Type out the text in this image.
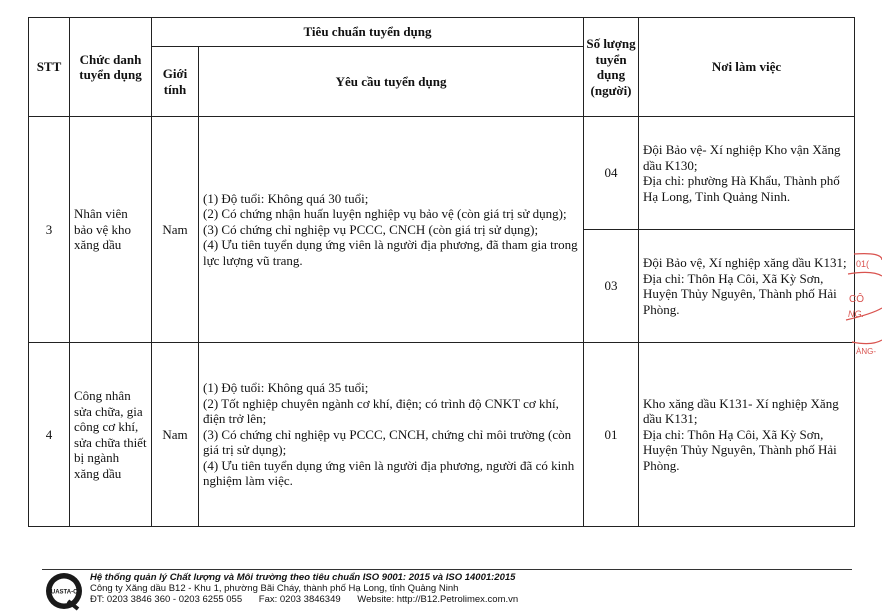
STT	Chức danh tuyển dụng	Tiêu chuẩn tuyển dụng		Số lượng tuyển dụng (người)	Nơi làm việc
		Giới tính	Yêu cầu tuyển dụng		
3	Nhân viên bảo vệ kho xăng dầu	Nam	(1) Độ tuổi: Không quá 30 tuổi;
(2) Có chứng nhận huấn luyện nghiệp vụ bảo vệ (còn giá trị sử dụng);
(3) Có chứng chỉ nghiệp vụ PCCC, CNCH (còn giá trị sử dụng);
(4) Ưu tiên tuyển dụng ứng viên là người địa phương, đã tham gia trong lực lượng vũ trang.	04	Đội Bảo vệ- Xí nghiệp Kho vận Xăng dầu K130;
Địa chỉ: phường Hà Khẩu, Thành phố Hạ Long, Tỉnh Quảng Ninh.

				03	Đội Bảo vệ, Xí nghiệp xăng dầu K131;
Địa chỉ: Thôn Hạ Côi, Xã Kỳ Sơn, Huyện Thủy Nguyên, Thành phố Hải Phòng.

4	Công nhân sửa chữa, gia công cơ khí, sửa chữa thiết bị ngành xăng dầu	Nam	(1) Độ tuổi: Không quá 35 tuổi;
(2) Tốt nghiệp chuyên ngành cơ khí, điện; có trình độ CNKT cơ khí, điện trở lên;
(3) Có chứng chỉ nghiệp vụ PCCC, CNCH, chứng chỉ môi trường (còn giá trị sử dụng);
(4) Ưu tiên tuyển dụng ứng viên là người địa phương, người đã có kinh nghiệm làm việc.	01	Kho xăng dầu K131- Xí nghiệp Xăng dầu K131;
Địa chỉ: Thôn Hạ Côi, Xã Kỳ Sơn, Huyện Thủy Nguyên, Thành phố Hải Phòng.
01(
CÔ
NG.
ÀNG-
QUASTA-CC
Hệ thống quản lý Chất lượng và Môi trường theo tiêu chuẩn ISO 9001: 2015 và ISO 14001:2015
Công ty Xăng dầu B12 - Khu 1, phường Bãi Cháy, thành phố Hạ Long, tỉnh Quảng Ninh
ĐT: 0203 3846 360 - 0203 6255 055 Fax: 0203 3846349 Website: http://B12.Petrolimex.com.vn
